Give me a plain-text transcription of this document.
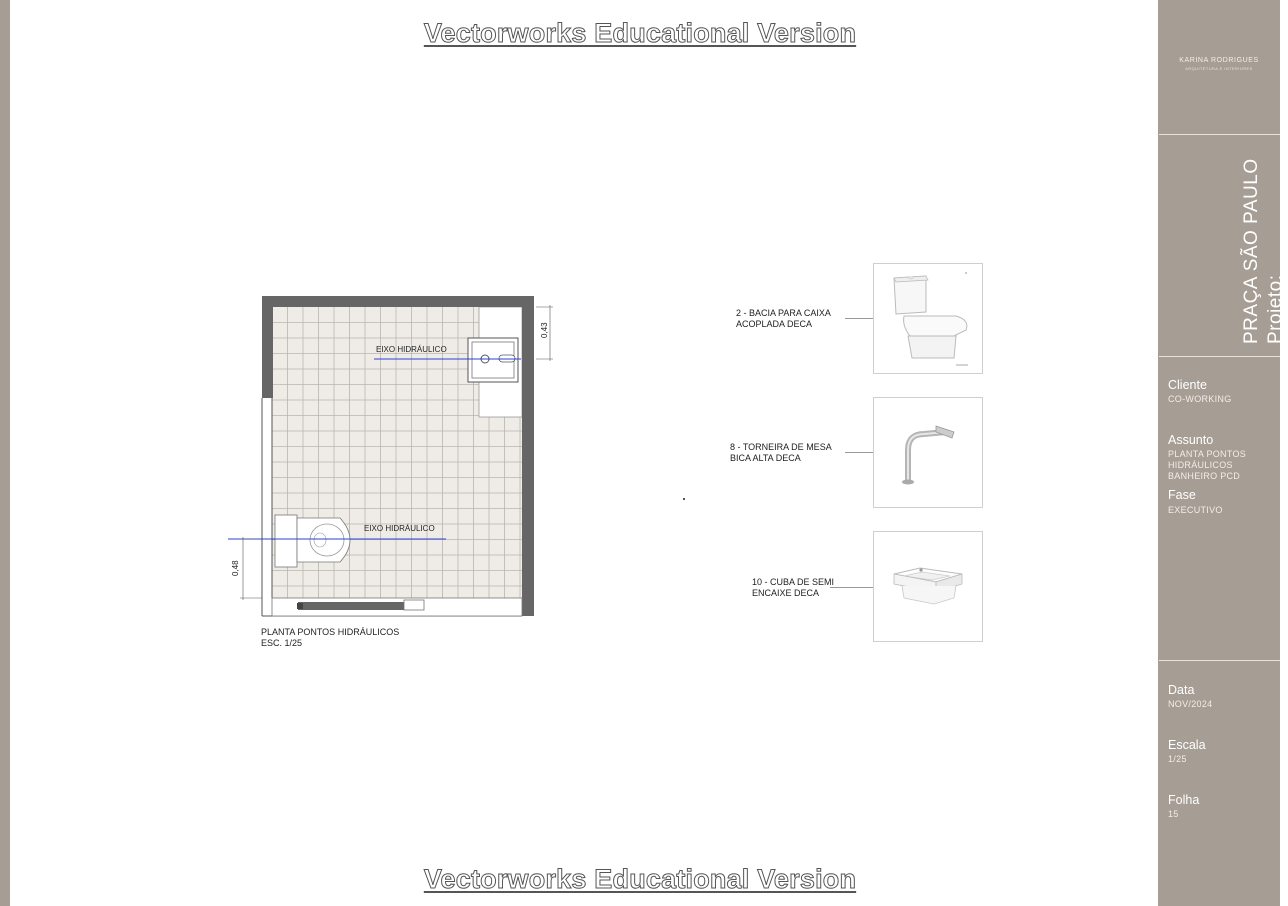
Vectorworks Educational Version
EIXO HIDRÁULICO
EIXO HIDRÁULICO
0,43
0,48
PLANTA PONTOS HIDRÁULICOS
ESC. 1/25
2 - BACIA PARA CAIXA
ACOPLADA DECA
8 - TORNEIRA DE MESA
BICA ALTA DECA
10 - CUBA DE SEMI
ENCAIXE DECA
Vectorworks Educational Version
KARINA RODRIGUES
ARQUITETURA E INTERIORES
PRAÇA SÃO PAULO Projeto:
Cliente
CO-WORKING
Assunto
PLANTA PONTOS
HIDRÁULICOS
BANHEIRO PCD
Fase
EXECUTIVO
Data
NOV/2024
Escala
1/25
Folha
15
